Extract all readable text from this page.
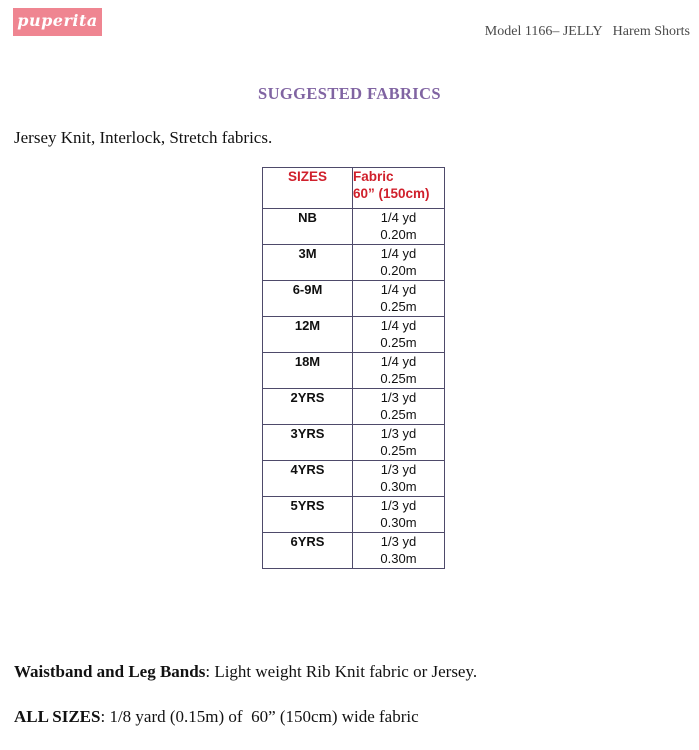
puperita
Model 1166– JELLY   Harem Shorts
SUGGESTED FABRICS
Jersey Knit, Interlock, Stretch fabrics.
SIZES	Fabric
60” (150cm)

NB	1/4 yd
0.20m

3M	1/4 yd
0.20m

6-9M	1/4 yd
0.25m

12M	1/4 yd
0.25m

18M	1/4 yd
0.25m

2YRS	1/3 yd
0.25m

3YRS	1/3 yd
0.25m

4YRS	1/3 yd
0.30m

5YRS	1/3 yd
0.30m

6YRS	1/3 yd
0.30m
Waistband and Leg Bands: Light weight Rib Knit fabric or Jersey.
ALL SIZES: 1/8 yard (0.15m) of  60” (150cm) wide fabric
